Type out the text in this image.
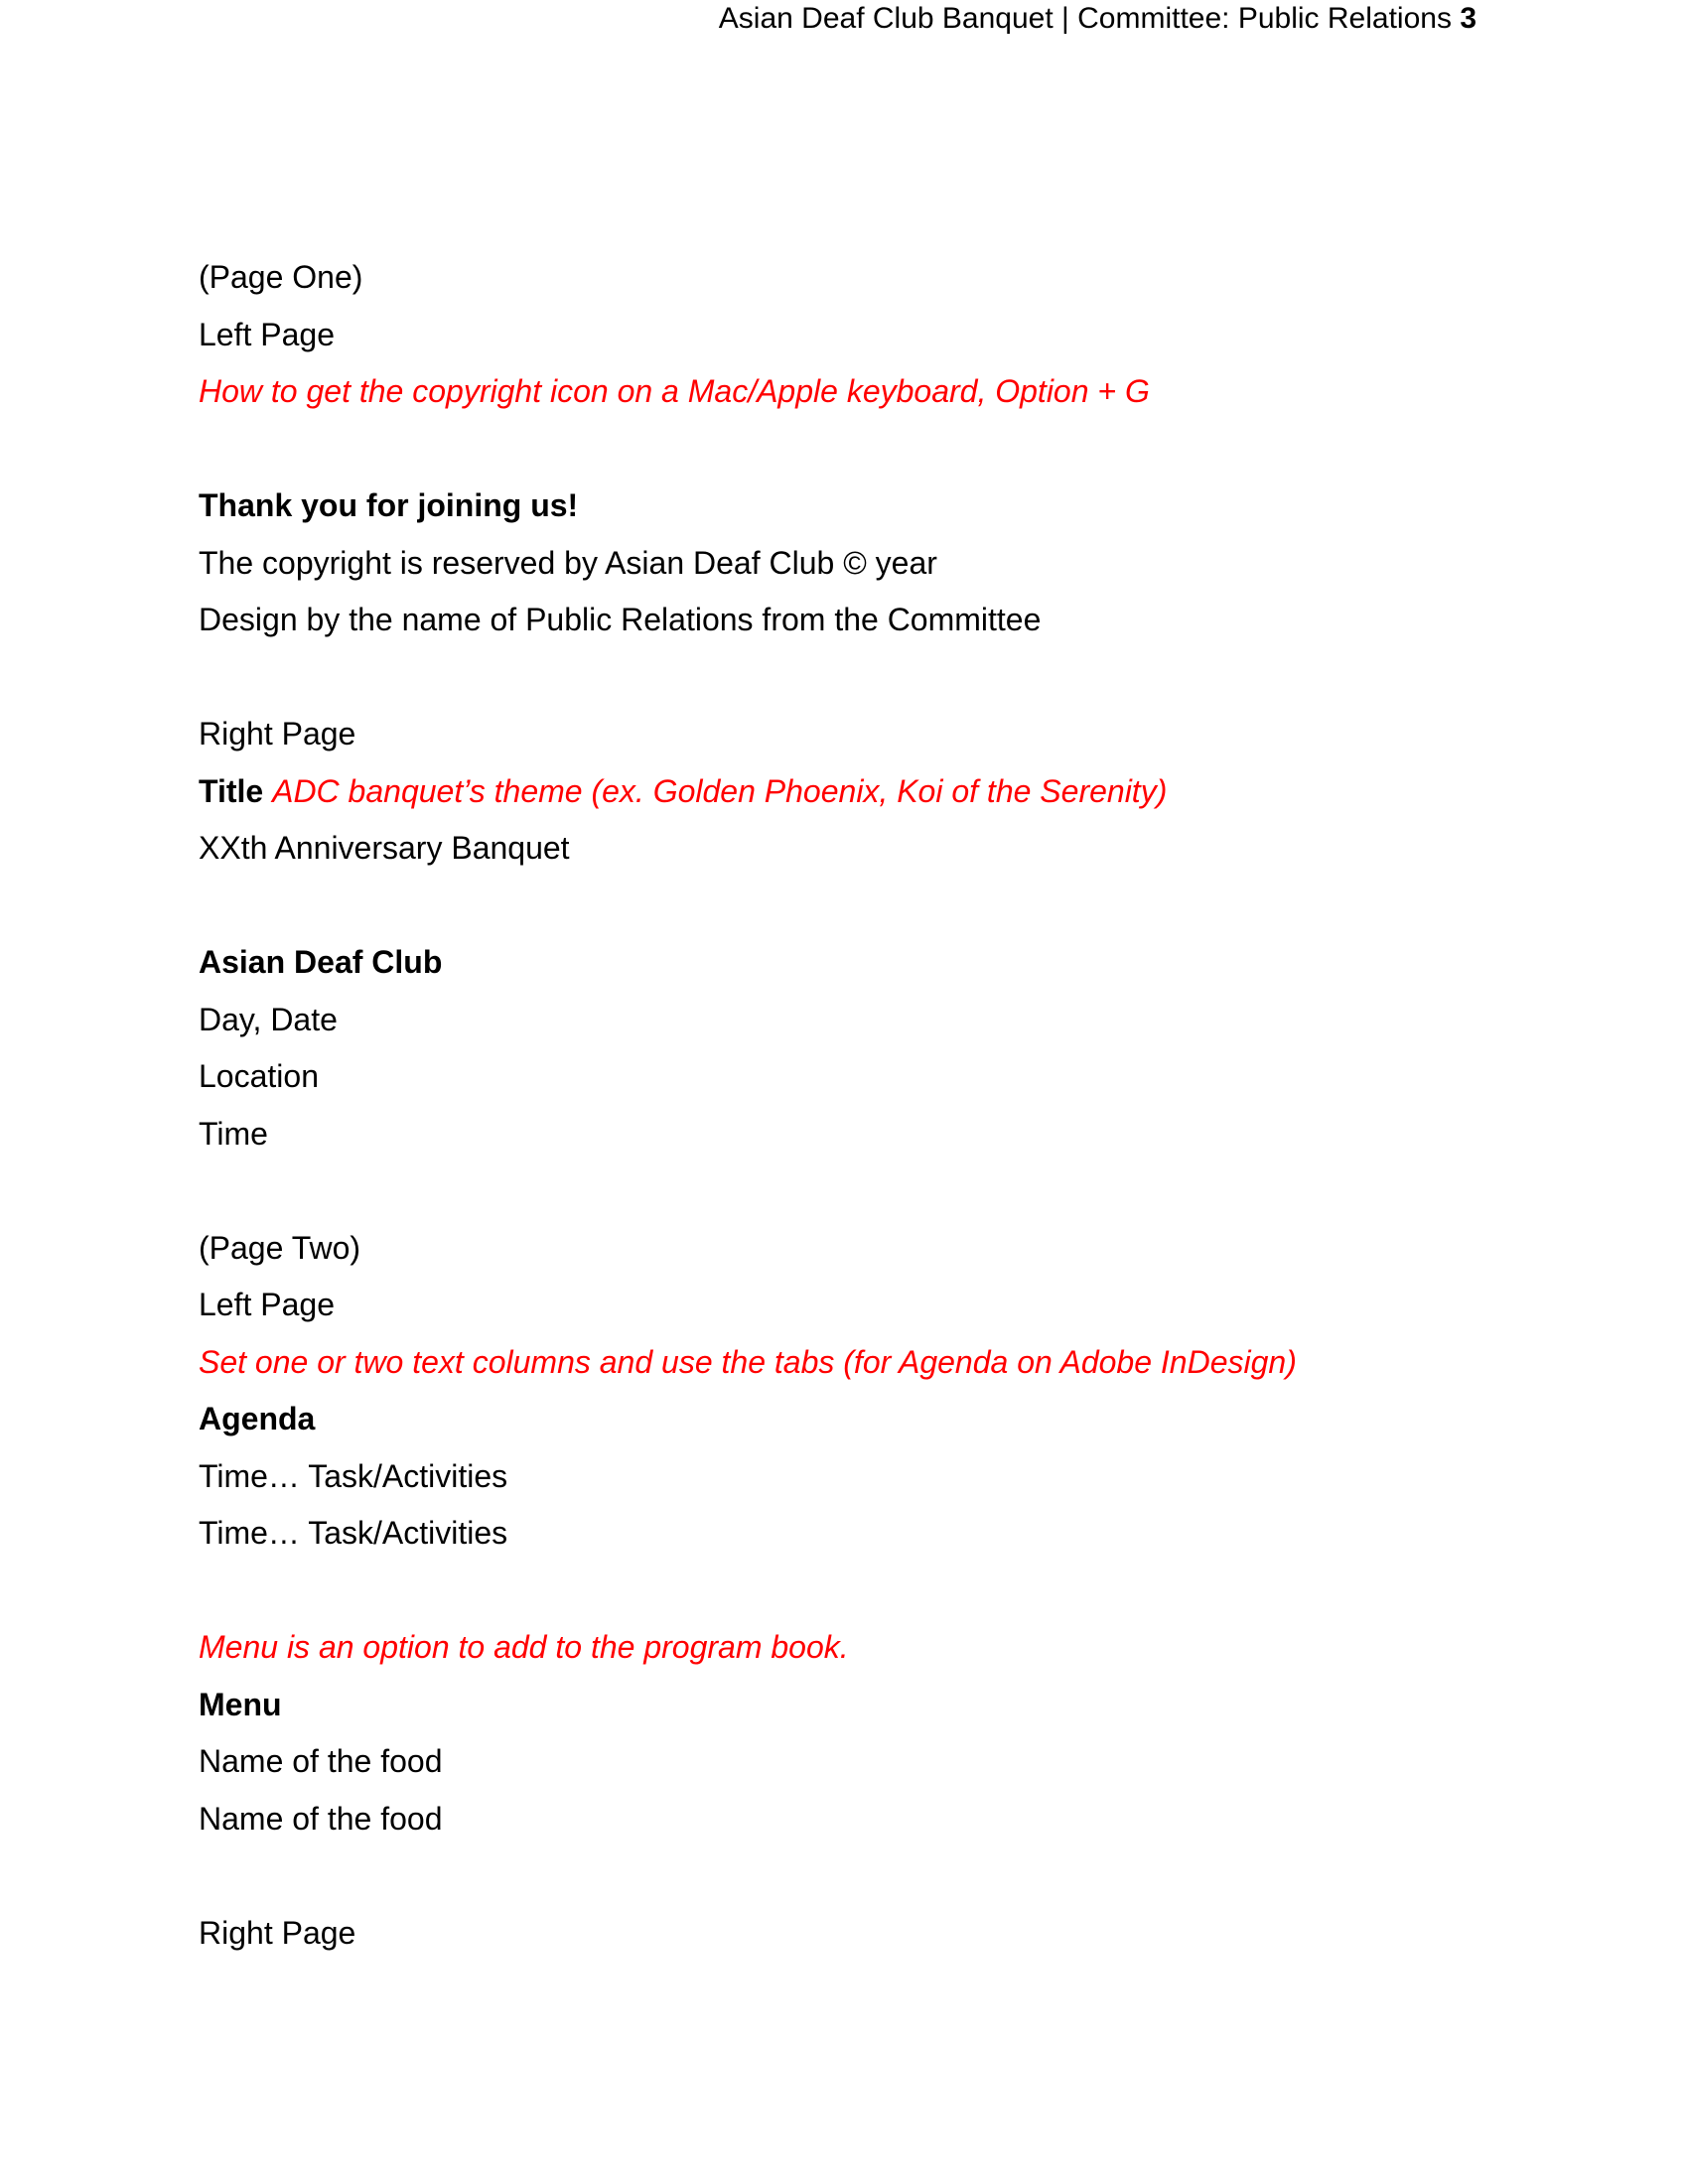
Asian Deaf Club Banquet | Committee: Public Relations 3
(Page One)
Left Page
How to get the copyright icon on a Mac/Apple keyboard, Option + G
Thank you for joining us!
The copyright is reserved by Asian Deaf Club © year
Design by the name of Public Relations from the Committee
Right Page
Title ADC banquet’s theme (ex. Golden Phoenix, Koi of the Serenity)
XXth Anniversary Banquet
Asian Deaf Club
Day, Date
Location
Time
(Page Two)
Left Page
Set one or two text columns and use the tabs (for Agenda on Adobe InDesign)
Agenda
Time… Task/Activities
Time… Task/Activities
Menu is an option to add to the program book.
Menu
Name of the food
Name of the food
Right Page
